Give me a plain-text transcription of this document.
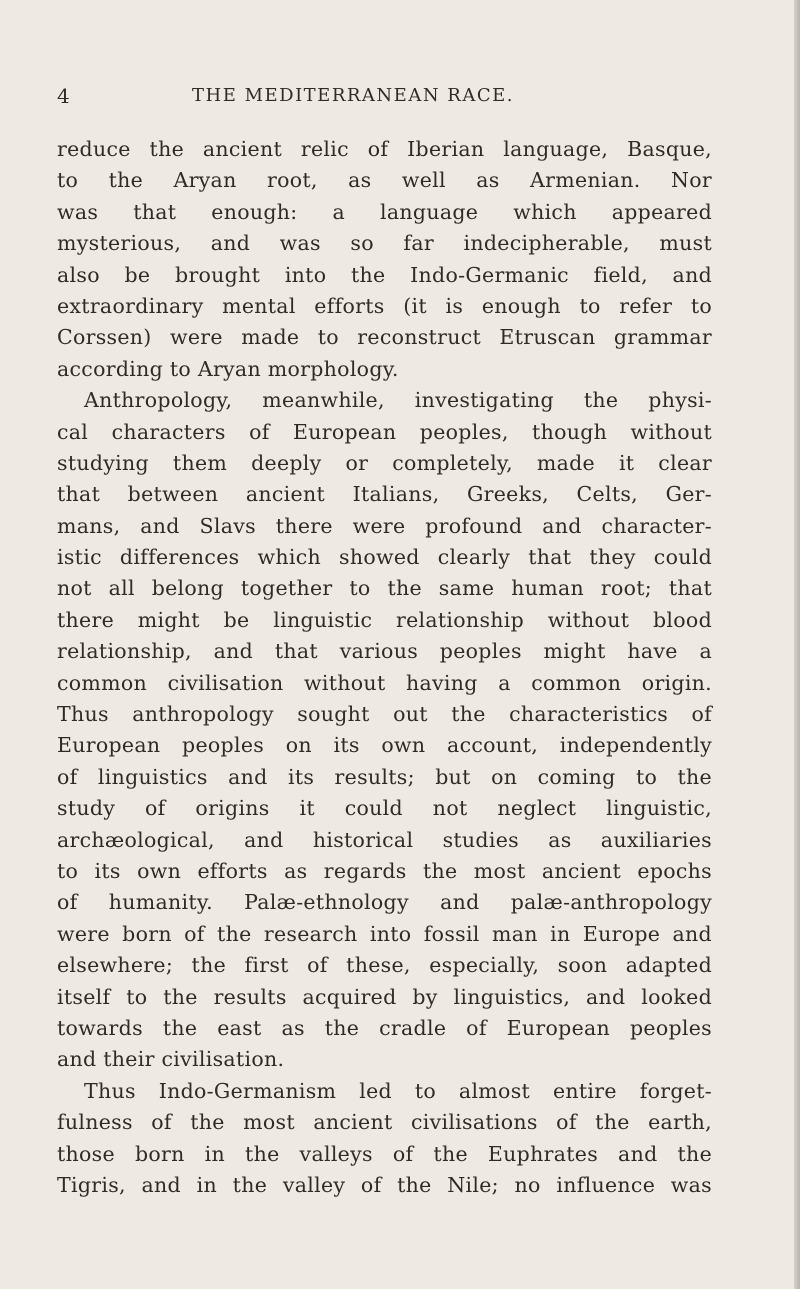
4	THE MEDITERRANEAN RACE.
reduce the ancient relic of Iberian language, Basque,
to the Aryan root, as well as Armenian. Nor
was that enough: a language which appeared
mysterious, and was so far indecipherable, must
also be brought into the Indo-Germanic field, and
extraordinary mental efforts (it is enough to refer to
Corssen) were made to reconstruct Etruscan grammar
according to Aryan morphology.
Anthropology, meanwhile, investigating the physi-
cal characters of European peoples, though without
studying them deeply or completely, made it clear
that between ancient Italians, Greeks, Celts, Ger-
mans, and Slavs there were profound and character-
istic differences which showed clearly that they could
not all belong together to the same human root; that
there might be linguistic relationship without blood
relationship, and that various peoples might have a
common civilisation without having a common origin.
Thus anthropology sought out the characteristics of
European peoples on its own account, independently
of linguistics and its results; but on coming to the
study of origins it could not neglect linguistic,
archæological, and historical studies as auxiliaries
to its own efforts as regards the most ancient epochs
of humanity. Palæ-ethnology and palæ-anthropology
were born of the research into fossil man in Europe and
elsewhere; the first of these, especially, soon adapted
itself to the results acquired by linguistics, and looked
towards the east as the cradle of European peoples
and their civilisation.
Thus Indo-Germanism led to almost entire forget-
fulness of the most ancient civilisations of the earth,
those born in the valleys of the Euphrates and the
Tigris, and in the valley of the Nile; no influence was
